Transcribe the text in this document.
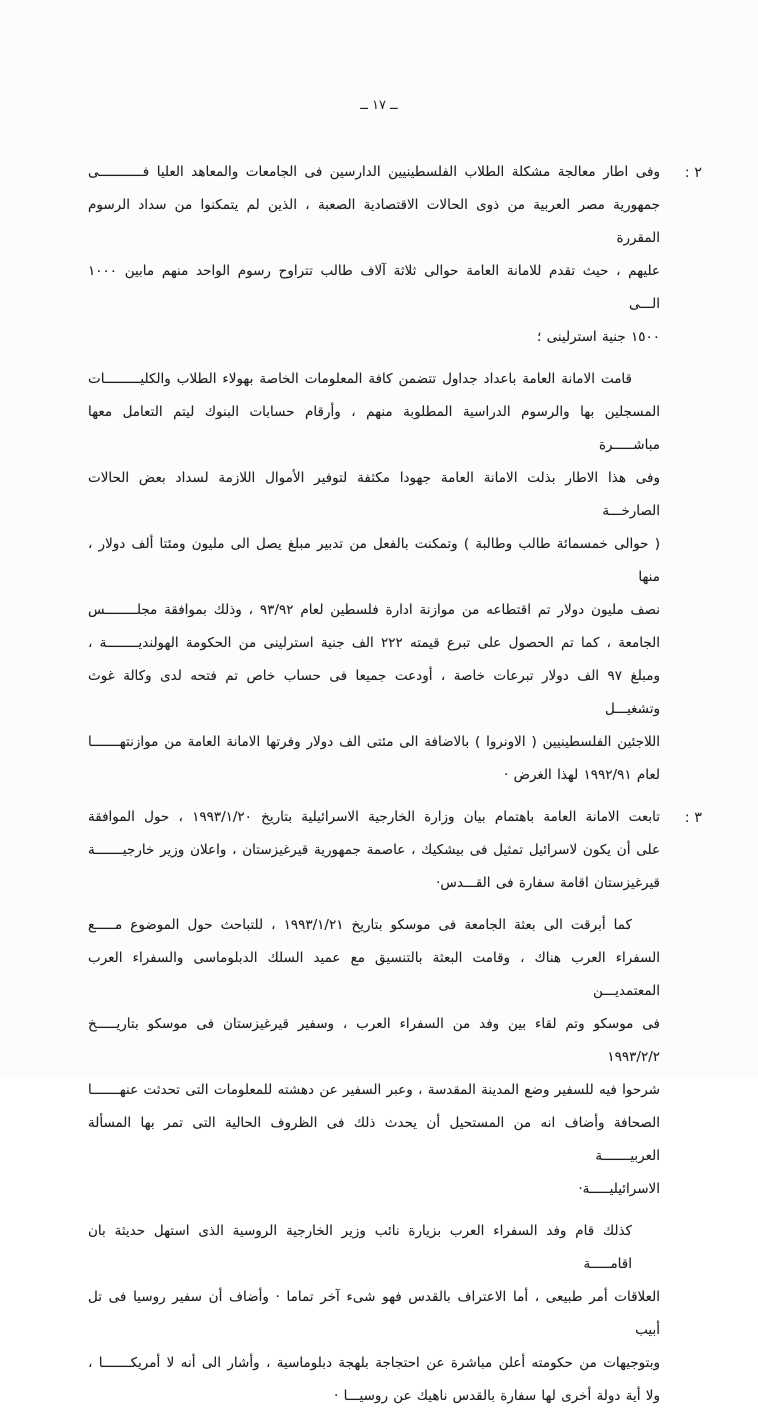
ــ ١٧ ــ
٢ :
وفى اطار معالجة مشكلة الطلاب الفلسطينيين الدارسين فى الجامعات والمعاهد العليا فـــــــــــى
جمهورية مصر العربية من ذوى الحالات الاقتصادية الصعبة ، الذين لم يتمكنوا من سداد الرسوم المقررة
عليهم ، حيث تقدم للامانة العامة حوالى ثلاثة آلاف طالب تتراوح رسوم الواحد منهم مابين ١٠٠٠ الـــى
١٥٠٠ جنية استرلينى ؛
قامت الامانة العامة باعداد جداول تتضمن كافة المعلومات الخاصة بهولاء الطلاب والكليـــــــــات
المسجلين بها والرسوم الدراسية المطلوبة منهم ، وأرقام حسابات البنوك ليتم التعامل معها مباشـــــرة
وفى هذا الاطار بذلت الامانة العامة جهودا مكثفة لتوفير الأموال اللازمة لسداد بعض الحالات الصارخـــة
( حوالى خمسمائة طالب وطالبة ) وتمكنت بالفعل من تدبير مبلغ يصل الى مليون ومئتا ألف دولار ، منها
نصف مليون دولار تم اقتطاعه من موازنة ادارة فلسطين لعام ٩٣/٩٢ ، وذلك بموافقة مجلــــــــس
الجامعة ، كما تم الحصول على تبرع قيمته ٢٢٢ الف جنية استرلينى من الحكومة الهولنديــــــــة ،
ومبلغ ٩٧ الف دولار تبرعات خاصة ، أودعت جميعا فى حساب خاص تم فتحه لدى وكالة غوث وتشغيـــل
اللاجئين الفلسطينيين ( الاونروا ) بالاضافة الى مئتى الف دولار وفرتها الامانة العامة من موازنتهـــــــا
لعام ١٩٩٢/٩١ لهذا الغرض ·
٣ :
تابعت الامانة العامة باهتمام بيان وزارة الخارجية الاسرائيلية بتاريخ ١٩٩٣/١/٢٠ ، حول الموافقة
على أن يكون لاسرائيل تمثيل فى بيشكيك ، عاصمة جمهورية قيرغيزستان ، واعلان وزير خارجيـــــــة
قيرغيزستان اقامة سفارة فى القـــدس·
كما أبرقت الى بعثة الجامعة فى موسكو بتاريخ ١٩٩٣/١/٢١ ، للتباحث حول الموضوع مـــــع
السفراء العرب هناك ، وقامت البعثة بالتنسيق مع عميد السلك الدبلوماسى والسفراء العرب المعتمديـــن
فى موسكو وتم لقاء بين وفد من السفراء العرب ، وسفير قيرغيزستان فى موسكو بتاريـــــخ ١٩٩٣/٢/٢
شرحوا فيه للسفير وضع المدينة المقدسة ، وعبر السفير عن دهشته للمعلومات التى تحدثت عنهـــــــا
الصحافة وأضاف انه من المستحيل أن يحدث ذلك فى الظروف الحالية التى تمر بها المسألة العربيـــــــة
الاسرائيليـــــة·
كذلك قام وفد السفراء العرب بزيارة نائب وزير الخارجية الروسية الذى استهل حديثة بان اقامـــــة
العلاقات أمر طبيعى ، أما الاعتراف بالقدس فهو شىء آخر تماما · وأضاف أن سفير روسيا فى تل أبيب
وبتوجيهات من حكومته أعلن مباشرة عن احتجاجة بلهجة دبلوماسية ، وأشار الى أنه لا أمريكـــــــا ،
ولا أية دولة أخرى لها سفارة بالقدس ناهيك عن روسيـــا ·
